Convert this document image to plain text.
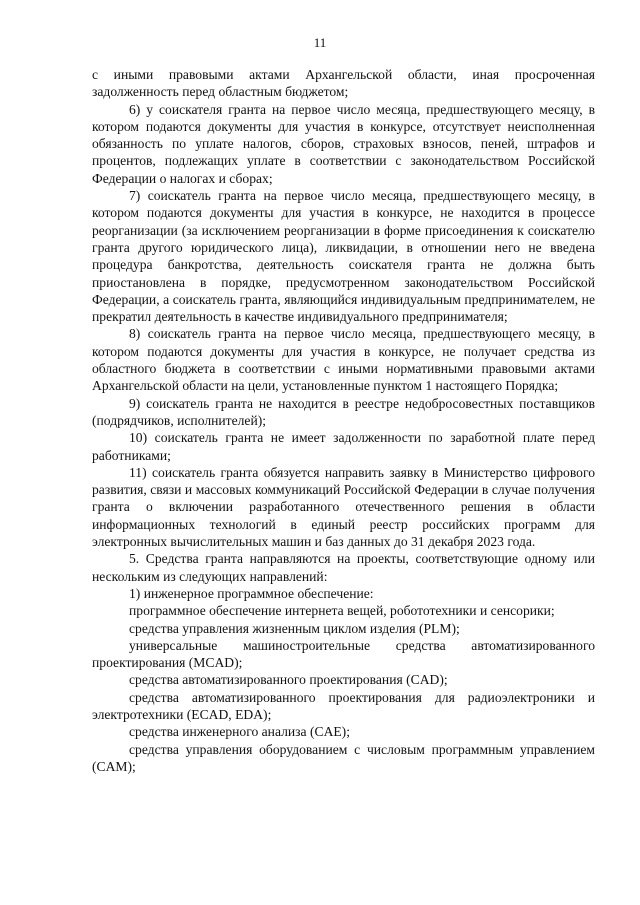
11

с иными правовыми актами Архангельской области, иная просроченная задолженность перед областным бюджетом;

6) у соискателя гранта на первое число месяца, предшествующего месяцу, в котором подаются документы для участия в конкурсе, отсутствует неисполненная обязанность по уплате налогов, сборов, страховых взносов, пеней, штрафов и процентов, подлежащих уплате в соответствии с законодательством Российской Федерации о налогах и сборах;

7) соискатель гранта на первое число месяца, предшествующего месяцу, в котором подаются документы для участия в конкурсе, не находится в процессе реорганизации (за исключением реорганизации в форме присоединения к соискателю гранта другого юридического лица), ликвидации, в отношении него не введена процедура банкротства, деятельность соискателя гранта не должна быть приостановлена в порядке, предусмотренном законодательством Российской Федерации, а соискатель гранта, являющийся индивидуальным предпринимателем, не прекратил деятельность в качестве индивидуального предпринимателя;

8) соискатель гранта на первое число месяца, предшествующего месяцу, в котором подаются документы для участия в конкурсе, не получает средства из областного бюджета в соответствии с иными нормативными правовыми актами Архангельской области на цели, установленные пунктом 1 настоящего Порядка;

9) соискатель гранта не находится в реестре недобросовестных поставщиков (подрядчиков, исполнителей);

10) соискатель гранта не имеет задолженности по заработной плате перед работниками;

11) соискатель гранта обязуется направить заявку в Министерство цифрового развития, связи и массовых коммуникаций Российской Федерации в случае получения гранта о включении разработанного отечественного решения в области информационных технологий в единый реестр российских программ для электронных вычислительных машин и баз данных до 31 декабря 2023 года.

5. Средства гранта направляются на проекты, соответствующие одному или нескольким из следующих направлений:

1) инженерное программное обеспечение:

программное обеспечение интернета вещей, робототехники и сенсорики;

средства управления жизненным циклом изделия (PLM);

универсальные машиностроительные средства автоматизированного проектирования (MCAD);

средства автоматизированного проектирования (CAD);

средства автоматизированного проектирования для радиоэлектроники и электротехники (ECAD, EDA);

средства инженерного анализа (CAE);

средства управления оборудованием с числовым программным управлением (CAM);
